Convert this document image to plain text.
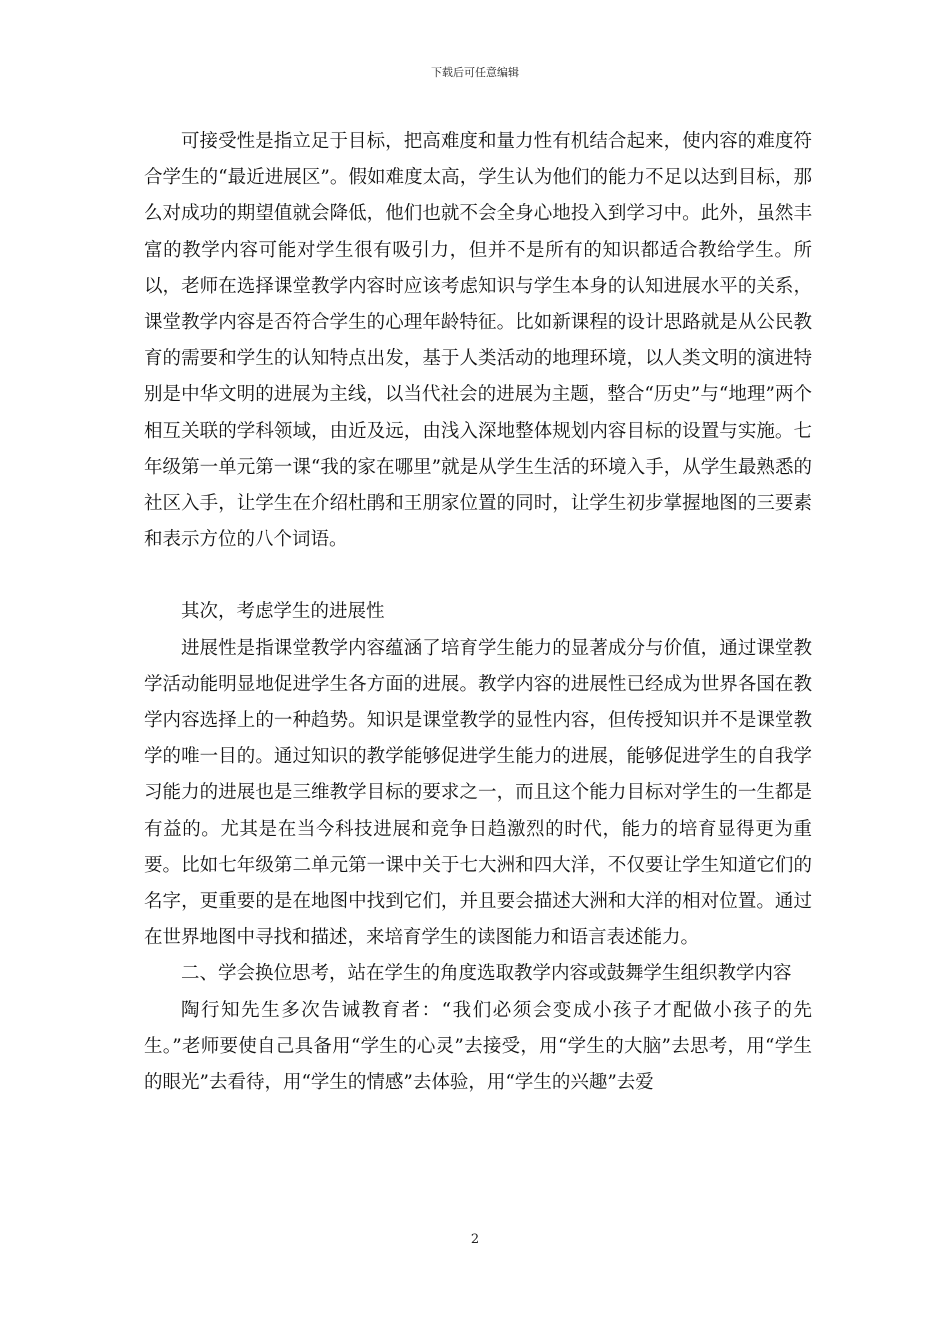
下载后可任意编辑

可接受性是指立足于目标，把高难度和量力性有机结合起来，使内容的难度符合学生的“最近进展区”。假如难度太高，学生认为他们的能力不足以达到目标，那么对成功的期望值就会降低，他们也就不会全身心地投入到学习中。此外，虽然丰富的教学内容可能对学生很有吸引力，但并不是所有的知识都适合教给学生。所以，老师在选择课堂教学内容时应该考虑知识与学生本身的认知进展水平的关系，课堂教学内容是否符合学生的心理年龄特征。比如新课程的设计思路就是从公民教育的需要和学生的认知特点出发，基于人类活动的地理环境，以人类文明的演进特别是中华文明的进展为主线，以当代社会的进展为主题，整合“历史”与“地理”两个相互关联的学科领域，由近及远，由浅入深地整体规划内容目标的设置与实施。七年级第一单元第一课“我的家在哪里”就是从学生生活的环境入手，从学生最熟悉的社区入手，让学生在介绍杜鹃和王朋家位置的同时，让学生初步掌握地图的三要素和表示方位的八个词语。

其次，考虑学生的进展性

进展性是指课堂教学内容蕴涵了培育学生能力的显著成分与价值，通过课堂教学活动能明显地促进学生各方面的进展。教学内容的进展性已经成为世界各国在教学内容选择上的一种趋势。知识是课堂教学的显性内容，但传授知识并不是课堂教学的唯一目的。通过知识的教学能够促进学生能力的进展，能够促进学生的自我学习能力的进展也是三维教学目标的要求之一，而且这个能力目标对学生的一生都是有益的。尤其是在当今科技进展和竞争日趋激烈的时代，能力的培育显得更为重要。比如七年级第二单元第一课中关于七大洲和四大洋，不仅要让学生知道它们的名字，更重要的是在地图中找到它们，并且要会描述大洲和大洋的相对位置。通过在世界地图中寻找和描述，来培育学生的读图能力和语言表述能力。

二、学会换位思考，站在学生的角度选取教学内容或鼓舞学生组织教学内容

陶行知先生多次告诫教育者：“我们必须会变成小孩子才配做小孩子的先生。”老师要使自己具备用“学生的心灵”去接受，用“学生的大脑”去思考，用“学生的眼光”去看待，用“学生的情感”去体验，用“学生的兴趣”去爱

2
